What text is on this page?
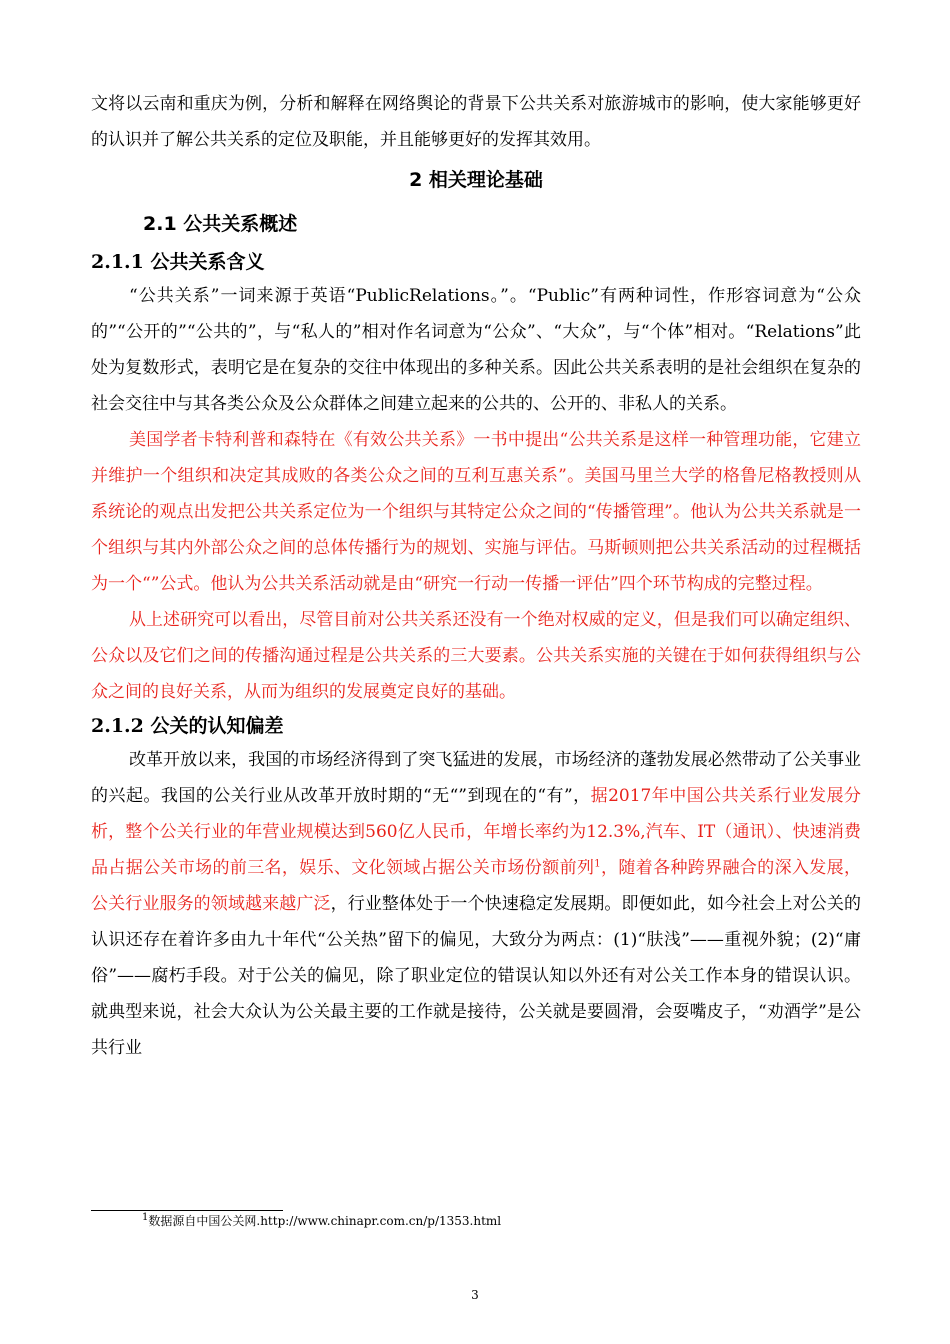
文将以云南和重庆为例，分析和解释在网络舆论的背景下公共关系对旅游城市的影响，使大家能够更好的认识并了解公共关系的定位及职能，并且能够更好的发挥其效用。

2 相关理论基础
2.1 公共关系概述
2.1.1 公共关系含义

“公共关系”一词来源于英语“PublicRelations。”。“Public”有两种词性，作形容词意为“公众的”“公开的”“公共的”，与“私人的”相对作名词意为“公众”、“大众”，与“个体”相对。“Relations”此处为复数形式，表明它是在复杂的交往中体现出的多种关系。因此公共关系表明的是社会组织在复杂的社会交往中与其各类公众及公众群体之间建立起来的公共的、公开的、非私人的关系。

美国学者卡特利普和森特在《有效公共关系》一书中提出“公共关系是这样一种管理功能，它建立并维护一个组织和决定其成败的各类公众之间的互利互惠关系”。美国马里兰大学的格鲁尼格教授则从系统论的观点出发把公共关系定位为一个组织与其特定公众之间的“传播管理”。他认为公共关系就是一个组织与其内外部公众之间的总体传播行为的规划、实施与评估。马斯顿则把公共关系活动的过程概括为一个“”公式。他认为公共关系活动就是由“研究一行动一传播一评估”四个环节构成的完整过程。

从上述研究可以看出，尽管目前对公共关系还没有一个绝对权威的定义，但是我们可以确定组织、公众以及它们之间的传播沟通过程是公共关系的三大要素。公共关系实施的关键在于如何获得组织与公众之间的良好关系，从而为组织的发展奠定良好的基础。

2.1.2 公关的认知偏差

改革开放以来，我国的市场经济得到了突飞猛进的发展，市场经济的蓬勃发展必然带动了公关事业的兴起。我国的公关行业从改革开放时期的“无“”到现在的“有”，据2017年中国公共关系行业发展分析，整个公关行业的年营业规模达到560亿人民币，年增长率约为12.3%,汽车、IT（通讯）、快速消费品占据公关市场的前三名，娱乐、文化领域占据公关市场份额前列$^1$，随着各种跨界融合的深入发展，公关行业服务的领域越来越广泛，行业整体处于一个快速稳定发展期。即便如此，如今社会上对公关的认识还存在着许多由九十年代“公关热”留下的偏见，大致分为两点：(1)“肤浅”——重视外貌；(2)“庸俗”——腐朽手段。对于公关的偏见，除了职业定位的错误认知以外还有对公关工作本身的错误认识。就典型来说，社会大众认为公关最主要的工作就是接待，公关就是要圆滑，会耍嘴皮子，“劝酒学”是公共行业

$^1$数据源自中国公关网.http://www.chinapr.com.cn/p/1353.html
3
